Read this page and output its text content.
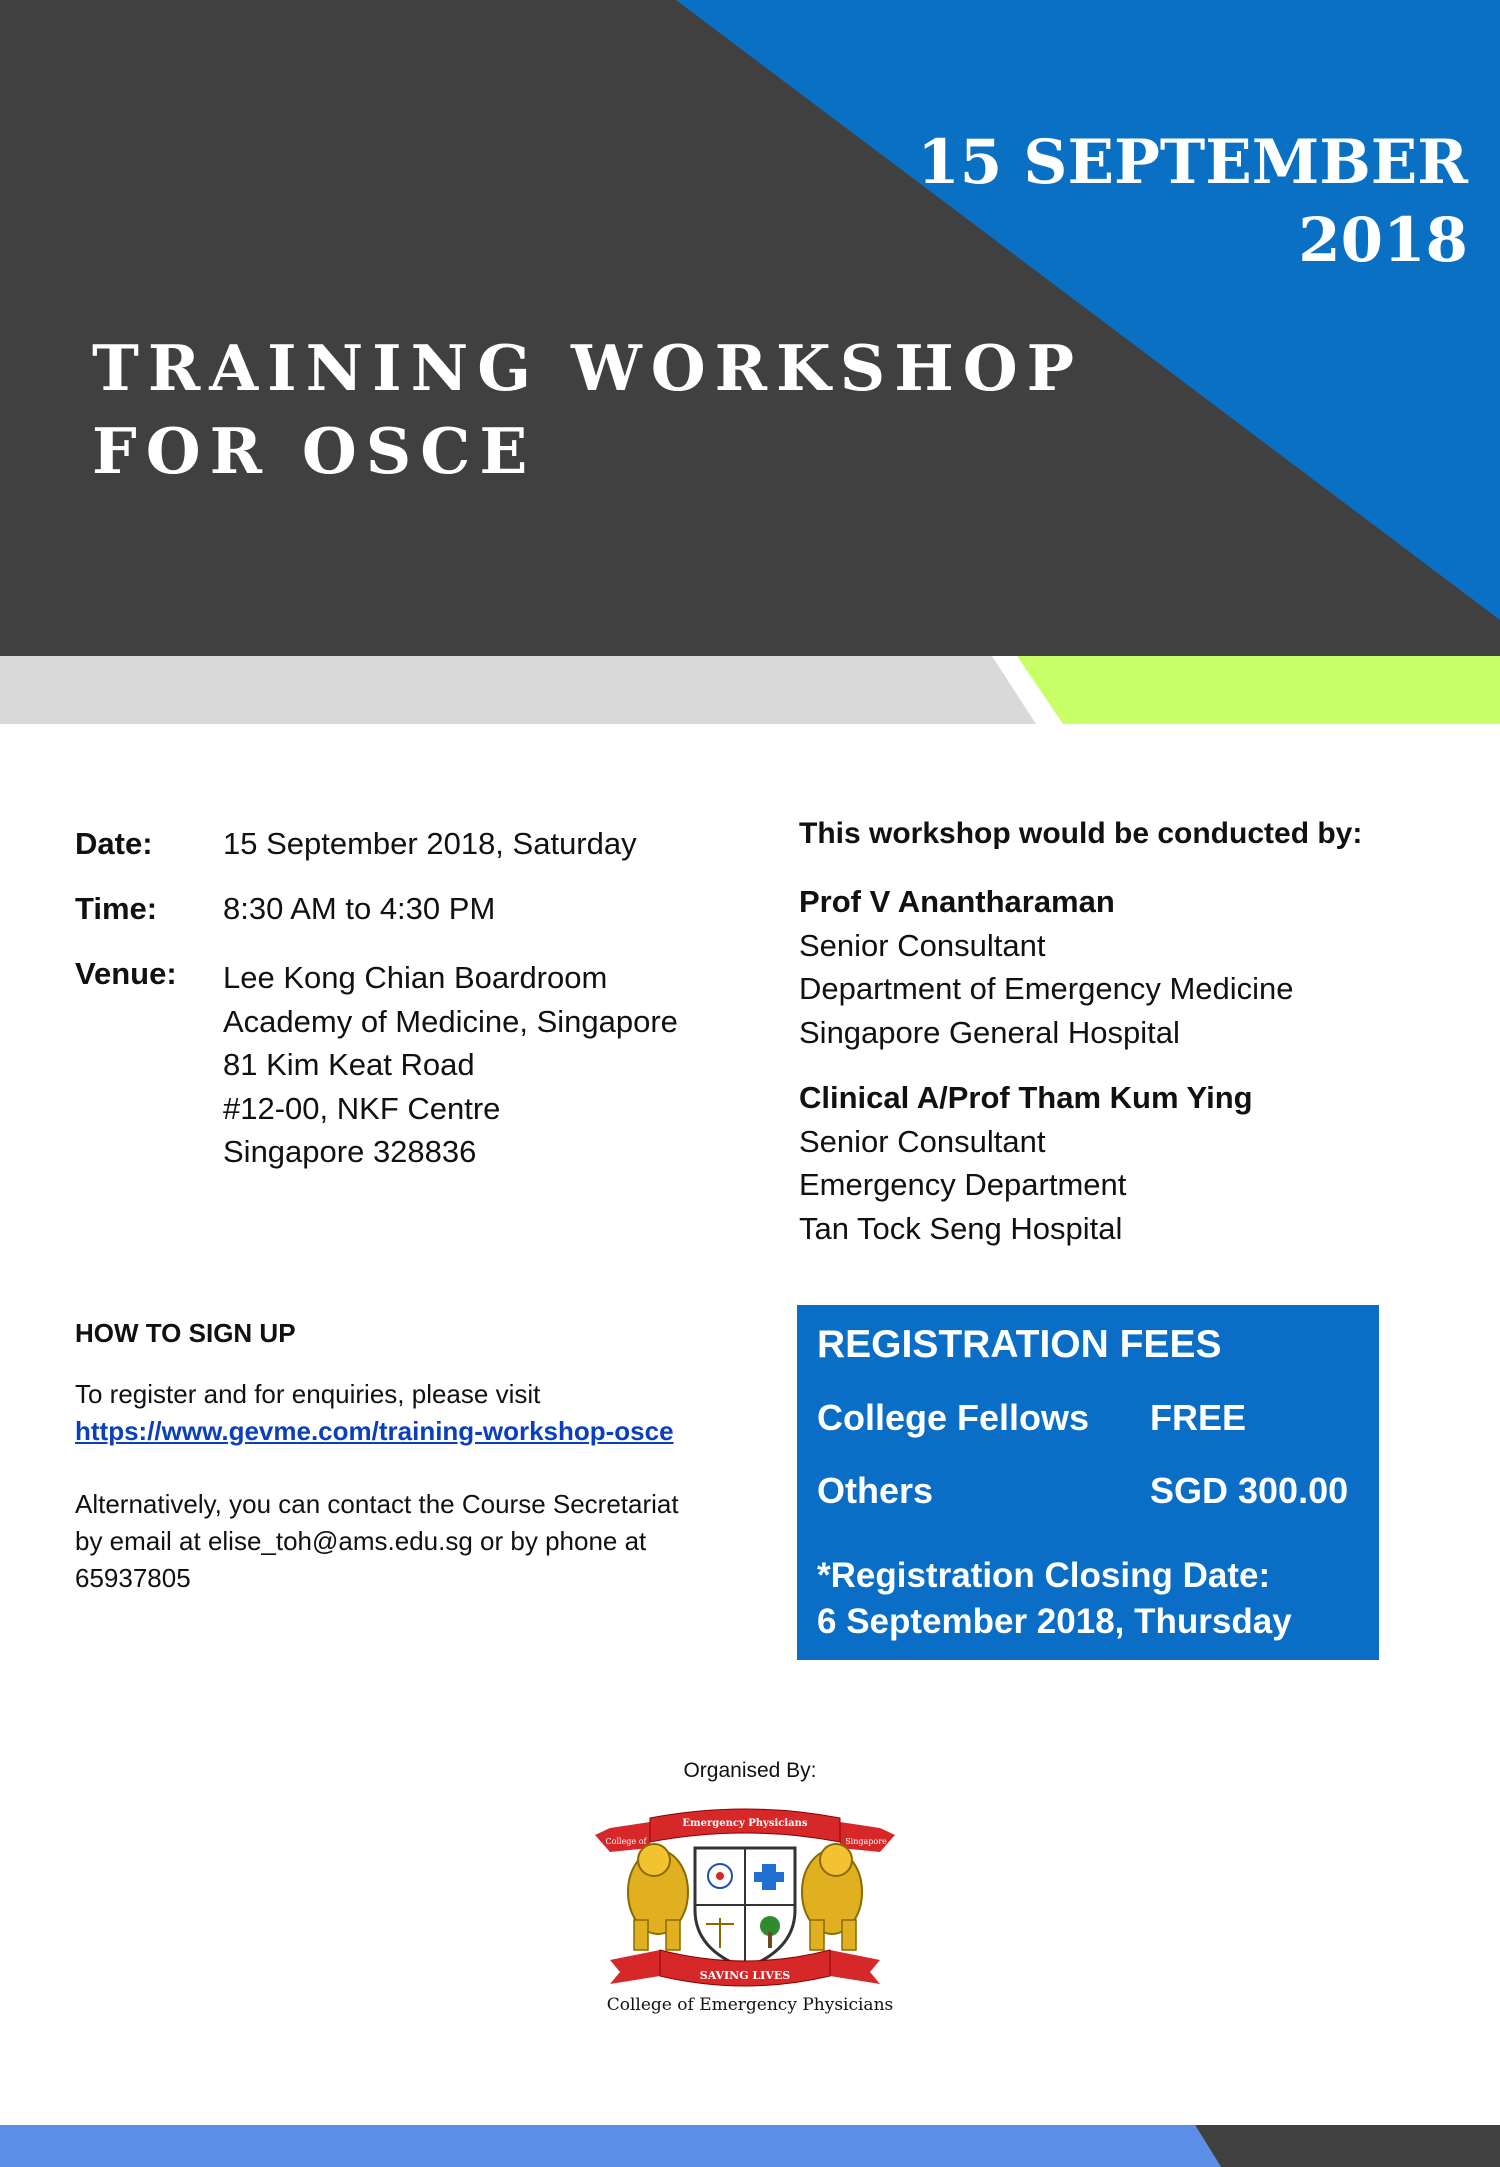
15 SEPTEMBER
2018
TRAINING WORKSHOP
FOR OSCE
Date: 15 September 2018, Saturday
Time: 8:30 AM to 4:30 PM
Venue: Lee Kong Chian Boardroom
Academy of Medicine, Singapore
81 Kim Keat Road
#12-00, NKF Centre
Singapore 328836
This workshop would be conducted by:
Prof V Anantharaman
Senior Consultant
Department of Emergency Medicine
Singapore General Hospital
Clinical A/Prof Tham Kum Ying
Senior Consultant
Emergency Department
Tan Tock Seng Hospital
HOW TO SIGN UP
To register and for enquiries, please visit
https://www.gevme.com/training-workshop-osce
Alternatively, you can contact the Course Secretariat
by email at elise_toh@ams.edu.sg or by phone at
65937805
REGISTRATION FEES
College Fellows FREE
Others	SGD 300.00
*Registration Closing Date:
6 September 2018, Thursday
Organised By:
Emergency Physicians
College of	Singapore
SAVING LIVES
College of Emergency Physicians
